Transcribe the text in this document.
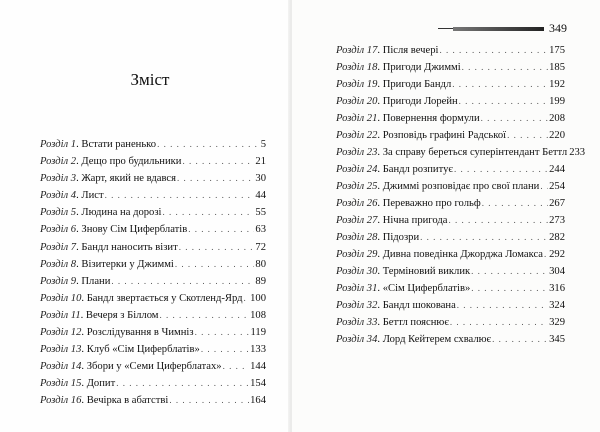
Зміст
Розділ 1 . Встати раненько . . .	5
Розділ 2 . Дещо про будильники . . .	21
Розділ 3 . Жарт, який не вдався . . .	30
Розділ 4 . Лист . . .	44
Розділ 5 . Людина на дорозі . . .	55
Розділ 6 . Знову Сім Циферблатів . . .	63
Розділ 7 . Бандл наносить візит . . .	72
Розділ 8 . Візитерки у Джиммі . . .	80
Розділ 9 . Плани . . .	89
Розділ 10 . Бандл звертається у Скотленд-Ярд . . . 100
Розділ 11 . Вечеря з Біллом . . .	108
Розділ 12 . Розслідування в Чимніз . . .	119
Розділ 13 . Клуб «Сім Циферблатів» . . .	133
Розділ 14 . Збори у «Семи Циферблатах» . . .	144
Розділ 15 . Допит . . .	154
Розділ 16 . Вечірка в абатстві . . .	164
349
Розділ 17 . Після вечері . . .	175
Розділ 18 . Пригоди Джиммі . . .	185
Розділ 19 . Пригоди Бандл . . .	192
Розділ 20 . Пригоди Лорейн . . .	199
Розділ 21 . Повернення формули . . .	208
Розділ 22 . Розповідь графині Радської . . .	220
Розділ 23 . За справу береться суперінтендант Беттл 233
Розділ 24 . Бандл розпитує . . .	244
Розділ 25 . Джиммі розповідає про свої плани . . . 254
Розділ 26 . Переважно про гольф . . .	267
Розділ 27 . Нічна пригода . . .	273
Розділ 28 . Підозри . . .	282
Розділ 29 . Дивна поведінка Джорджа Ломакса . . . 292
Розділ 30 . Терміновий виклик . . .	304
Розділ 31 . «Сім Циферблатів» . . .	316
Розділ 32 . Бандл шокована . . .	324
Розділ 33 . Беттл пояснює . . .	329
Розділ 34 . Лорд Кейтерем схвалює . . .	345
